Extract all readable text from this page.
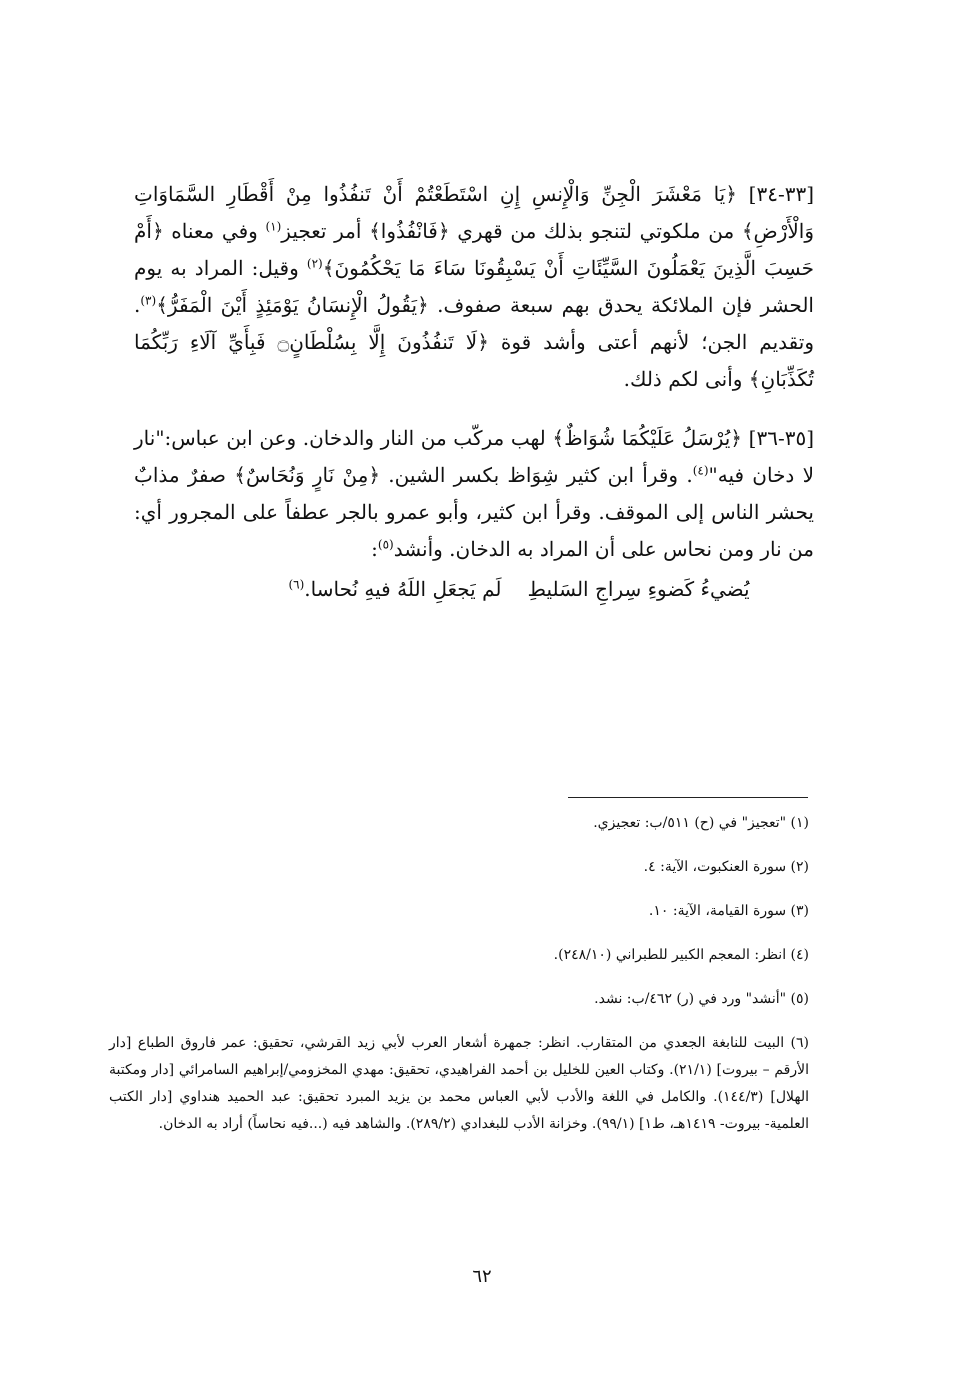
[٣٣-٣٤] ﴿يَا مَعْشَرَ الْجِنِّ وَالْإِنسِ إِنِ اسْتَطَعْتُمْ أَنْ تَنفُذُوا مِنْ أَقْطَارِ السَّمَاوَاتِ وَالْأَرْضِ﴾ من ملكوتي لتنجو بذلك من قهري ﴿فَانْفُذُوا﴾ أمر تعجيز$^{(١)}$ وفي معناه ﴿أَمْ حَسِبَ الَّذِينَ يَعْمَلُونَ السَّيِّئَاتِ أَنْ يَسْبِقُونَا سَاءَ مَا يَحْكُمُونَ﴾$^{(٢)}$ وقيل: المراد به يوم الحشر فإن الملائكة يحدق بهم سبعة صفوف. ﴿يَقُولُ الْإِنسَانُ يَوْمَئِذٍ أَيْنَ الْمَفَرُّ﴾$^{(٣)}$. وتقديم الجن؛ لأنهم أعتى وأشد قوة ﴿لَا تَنفُذُونَ إِلَّا بِسُلْطَانٍ۝ فَبِأَيِّ آلَاءِ رَبِّكُمَا تُكَذِّبَانِ﴾ وأنى لكم ذلك.

[٣٥-٣٦] ﴿يُرْسَلُ عَلَيْكُمَا شُوَاظٌ﴾ لهب مركّب من النار والدخان. وعن ابن عباس:"نار لا دخان فيه"$^{(٤)}$. وقرأ ابن كثير شِوَاظ بكسر الشين. ﴿مِنْ نَارٍ وَنُحَاسٌ﴾ صفرٌ مذابٌ يحشر الناس إلى الموقف. وقرأ ابن كثير، وأبو عمرو بالجر عطفاً على المجرور أي: من نار ومن نحاس على أن المراد به الدخان. وأنشد$^{(٥)}$:

يُضيءُ كَضوءِ سِراجِ السَليطِلَم يَجعَلِ اللَهُ فيهِ نُحاسا.$^{(٦)}$

(١) "تعجيز" في (ح) ٥١١/ب: تعجيزي.

(٢) سورة العنكبوت، الآية: ٤.

(٣) سورة القيامة، الآية: ١٠.

(٤) انظر: المعجم الكبير للطبراني (٢٤٨/١٠).

(٥) "أنشد" ورد في (ر) ٤٦٢/ب: نشد.

(٦) البيت للنابغة الجعدي من المتقارب. انظر: جمهرة أشعار العرب لأبي زيد القرشي، تحقيق: عمر فاروق الطباع [دار الأرقم – بيروت] (٢١/١). وكتاب العين للخليل بن أحمد الفراهيدي، تحقيق: مهدي المخزومي/إبراهيم السامرائي [دار ومكتبة الهلال] (١٤٤/٣). والكامل في اللغة والأدب لأبي العباس محمد بن يزيد المبرد تحقيق: عبد الحميد هنداوي [دار الكتب العلمية- بيروت- ١٤١٩هـ، ط١] (٩٩/١). وخزانة الأدب للبغدادي (٢٨٩/٢). والشاهد فيه (...فيه نحاساً) أراد به الدخان.

٦٢
